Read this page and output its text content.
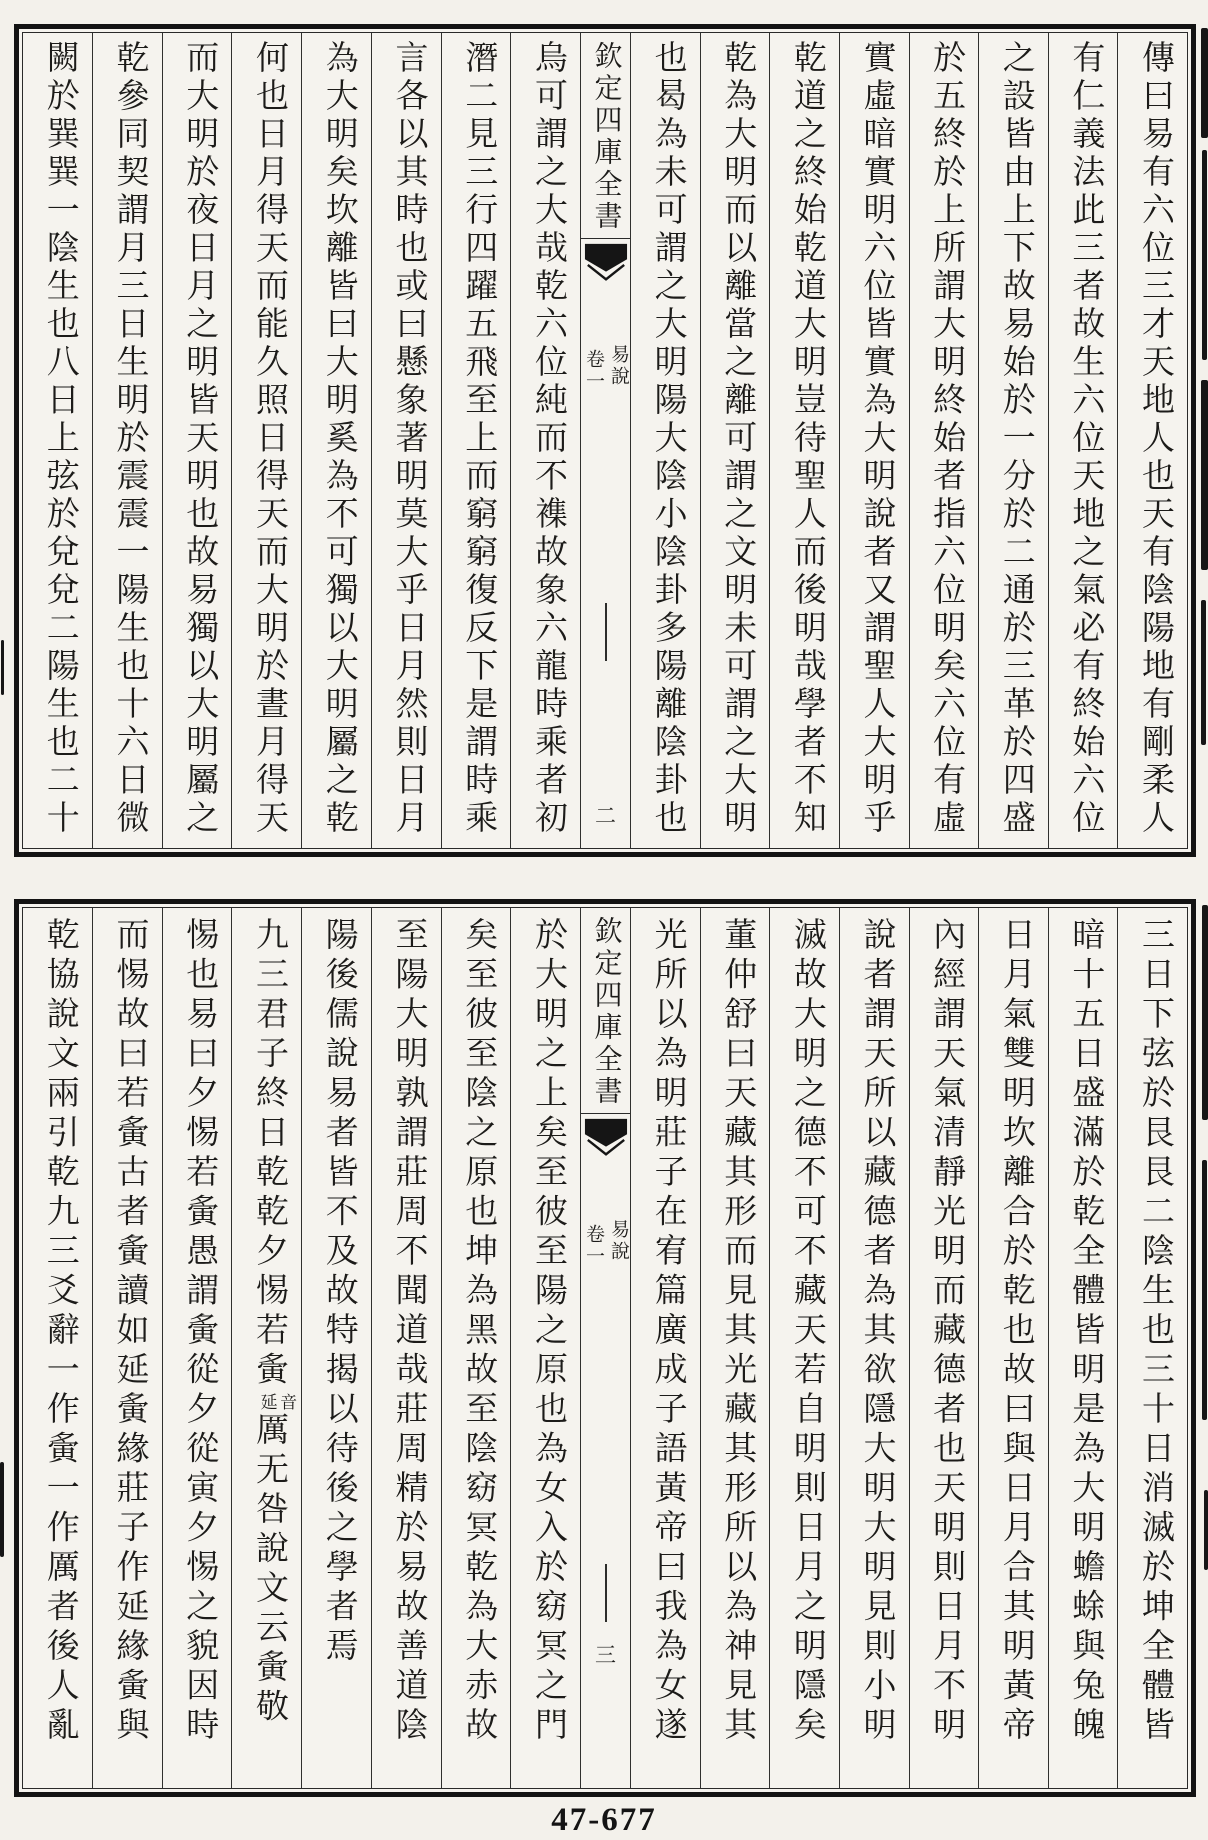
傳曰易有六位三才天地人也天有陰陽地有剛柔人
有仁義法此三者故生六位天地之氣必有終始六位
之設皆由上下故易始於一分於二通於三革於四盛
於五終於上所謂大明終始者指六位明矣六位有虛
實虛暗實明六位皆實為大明說者又謂聖人大明乎
乾道之終始乾道大明豈待聖人而後明哉學者不知
乾為大明而以離當之離可謂之文明未可謂之大明
也曷為未可謂之大明陽大陰小陰卦多陽離陰卦也
欽定四庫全書
易說
卷一
二
烏可謂之大哉乾六位純而不襍故象六龍時乘者初
潛二見三行四躍五飛至上而窮窮復反下是謂時乘
言各以其時也或曰懸象著明莫大乎日月然則日月
為大明矣坎離皆曰大明奚為不可獨以大明屬之乾
何也日月得天而能久照日得天而大明於晝月得天
而大明於夜日月之明皆天明也故易獨以大明屬之
乾參同契謂月三日生明於震震一陽生也十六日微
闕於巽巽一陰生也八日上弦於兌兌二陽生也二十
三日下弦於艮艮二陰生也三十日消滅於坤全體皆
暗十五日盛滿於乾全體皆明是為大明蟾蜍與兔魄
日月氣雙明坎離合於乾也故曰與日月合其明黃帝
內經謂天氣清靜光明而藏德者也天明則日月不明
說者謂天所以藏德者為其欲隱大明大明見則小明
滅故大明之德不可不藏天若自明則日月之明隱矣
董仲舒曰天藏其形而見其光藏其形所以為神見其
光所以為明莊子在宥篇廣成子語黃帝曰我為女遂
欽定四庫全書
易說
卷一
三
於大明之上矣至彼至陽之原也為女入於窈冥之門
矣至彼至陰之原也坤為黑故至陰窈冥乾為大赤故
至陽大明孰謂莊周不聞道哉莊周精於易故善道陰
陽後儒說易者皆不及故特揭以待後之學者焉
九三君子終日乾乾夕惕若夤
音
延
厲无咎說文云夤敬
惕也易曰夕惕若夤愚謂夤從夕從寅夕惕之貌因時
而惕故曰若夤古者夤讀如延夤緣莊子作延緣夤與
乾協說文兩引乾九三爻辭一作夤一作厲者後人亂
47-677
